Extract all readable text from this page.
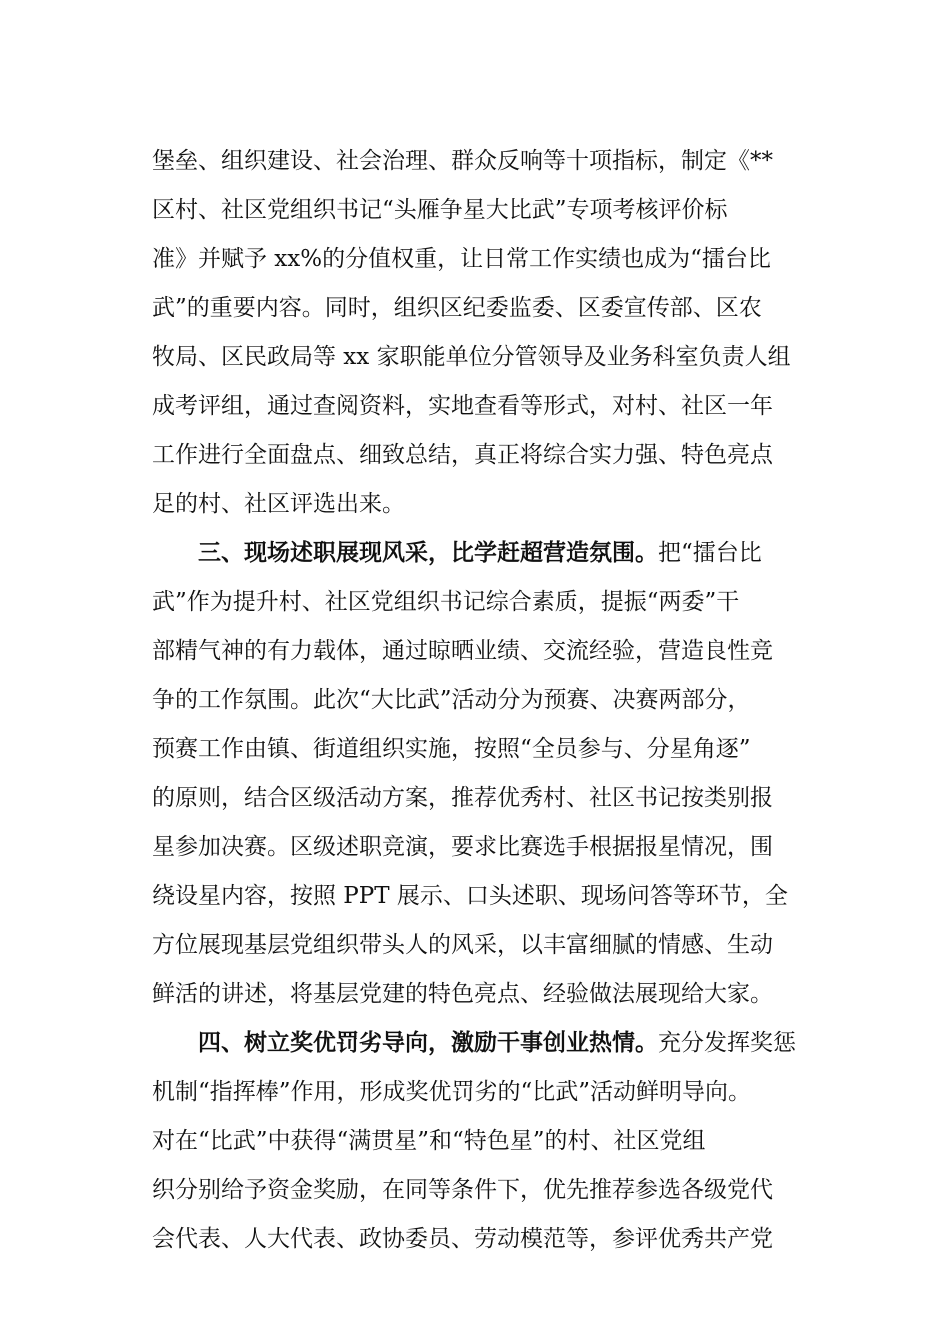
堡垒、组织建设、社会治理、群众反响等十项指标，制定《**

区村、社区党组织书记“头雁争星大比武”专项考核评价标

准》并赋予 xx%的分值权重，让日常工作实绩也成为“擂台比

武”的重要内容。同时，组织区纪委监委、区委宣传部、区农

牧局、区民政局等 xx 家职能单位分管领导及业务科室负责人组

成考评组，通过查阅资料，实地查看等形式，对村、社区一年

工作进行全面盘点、细致总结，真正将综合实力强、特色亮点

足的村、社区评选出来。

三、现场述职展现风采，比学赶超营造氛围。把“擂台比

武”作为提升村、社区党组织书记综合素质，提振“两委”干

部精气神的有力载体，通过晾晒业绩、交流经验，营造良性竞

争的工作氛围。此次“大比武”活动分为预赛、决赛两部分，

预赛工作由镇、街道组织实施，按照“全员参与、分星角逐”

的原则，结合区级活动方案，推荐优秀村、社区书记按类别报

星参加决赛。区级述职竞演，要求比赛选手根据报星情况，围

绕设星内容，按照 PPT 展示、口头述职、现场问答等环节，全

方位展现基层党组织带头人的风采，以丰富细腻的情感、生动

鲜活的讲述，将基层党建的特色亮点、经验做法展现给大家。

四、树立奖优罚劣导向，激励干事创业热情。充分发挥奖惩

机制“指挥棒”作用，形成奖优罚劣的“比武”活动鲜明导向。

对在“比武”中获得“满贯星”和“特色星”的村、社区党组

织分别给予资金奖励，在同等条件下，优先推荐参选各级党代

会代表、人大代表、政协委员、劳动模范等，参评优秀共产党
